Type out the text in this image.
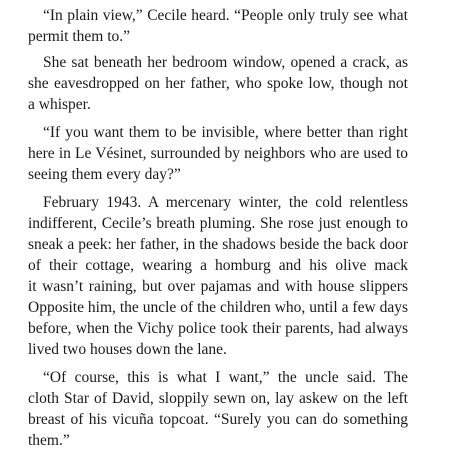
“In plain view,” Cecile heard. “People only truly see what
permit them to.”
She sat beneath her bedroom window, opened a crack, as
she eavesdropped on her father, who spoke low, though not
a whisper.
“If you want them to be invisible, where better than right
here in Le Vésinet, surrounded by neighbors who are used to
seeing them every day?”
February 1943. A mercenary winter, the cold relentless
indifferent, Cecile’s breath pluming. She rose just enough to
sneak a peek: her father, in the shadows beside the back door
of their cottage, wearing a homburg and his olive mack
it wasn’t raining, but over pajamas and with house slippers
Opposite him, the uncle of the children who, until a few days
before, when the Vichy police took their parents, had always
lived two houses down the lane.
“Of course, this is what I want,” the uncle said. The
cloth Star of David, sloppily sewn on, lay askew on the left
breast of his vicuña topcoat. “Surely you can do something
them.”
